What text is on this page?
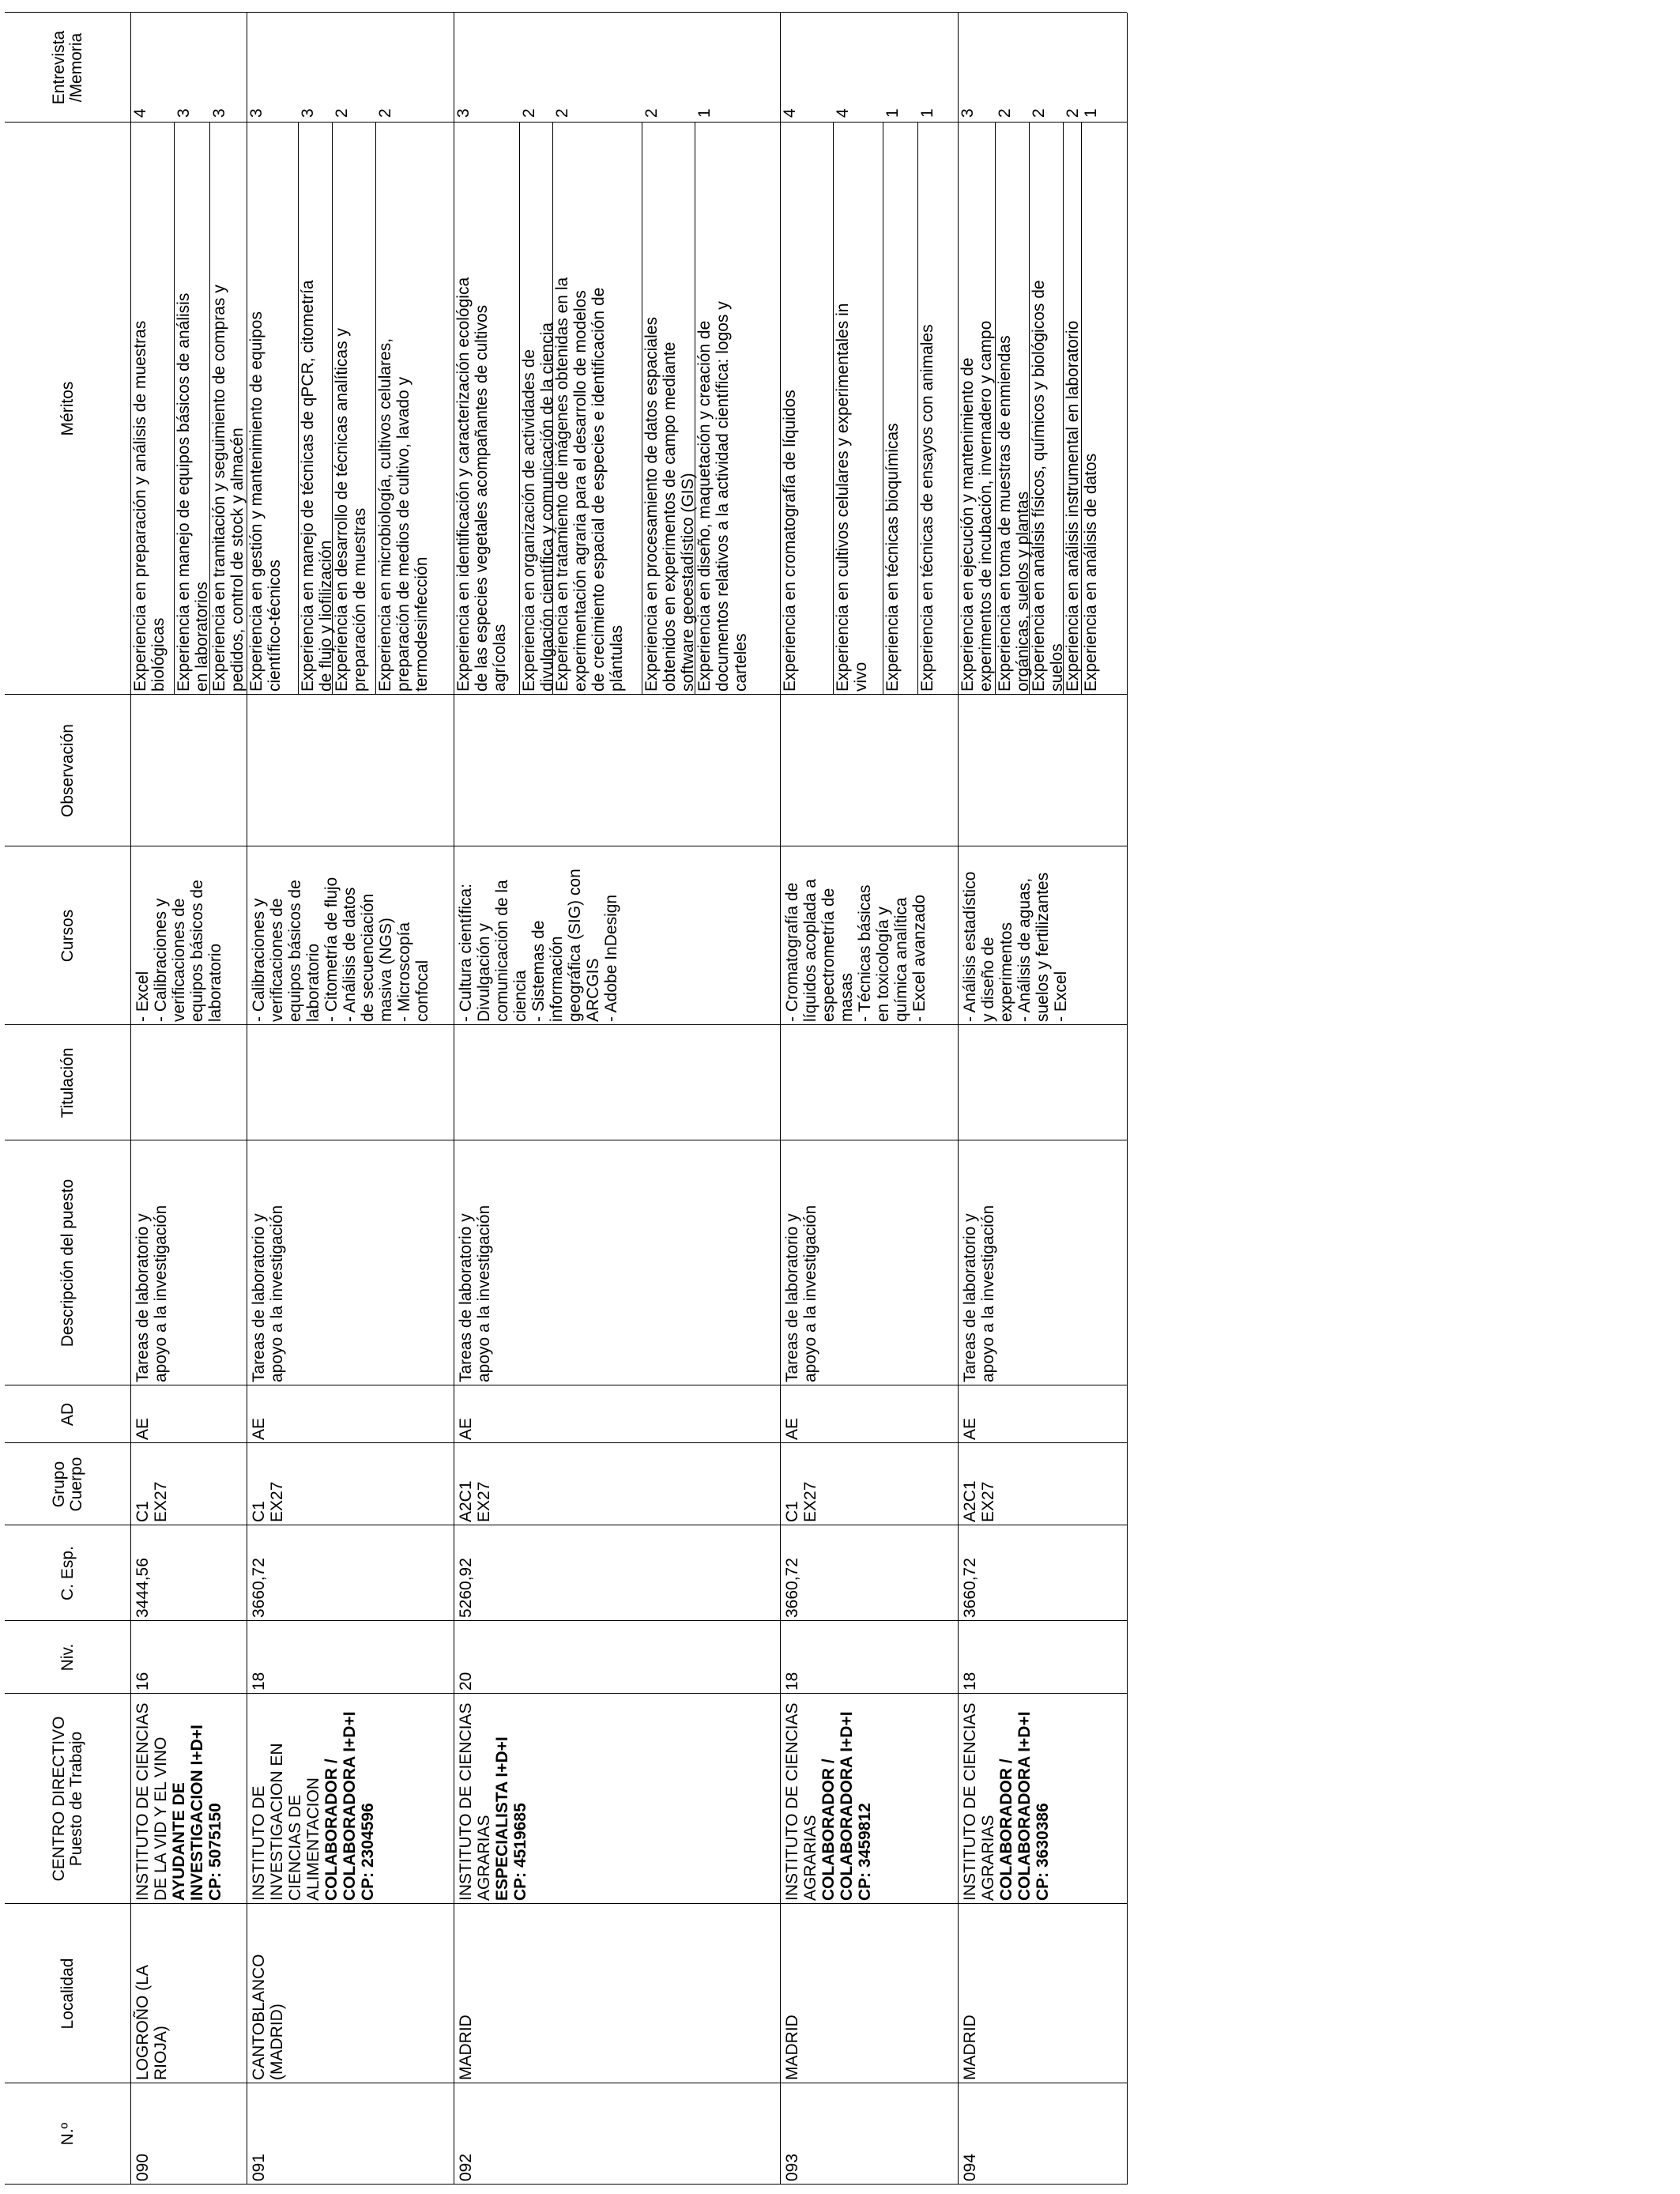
N.º
Localidad
CENTRO DIRECTIVO
Puesto de Trabajo
Niv.
C. Esp.
Grupo
Cuerpo
AD
Descripción del puesto
Titulación
Cursos
Observación
Méritos
Entrevista
/Memoria
090
LOGROÑO (LA
RIOJA)
INSTITUTO DE CIENCIAS
DE LA VID Y EL VINO
AYUDANTE DE
INVESTIGACION I+D+I
CP: 5075150
16
3444,56
C1
EX27
AE
Tareas de laboratorio y
apoyo a la investigación
- Excel
- Calibraciones y
verificaciones de
equipos básicos de
laboratorio
Experiencia en preparación y análisis de muestras
biológicas
4
Experiencia en manejo de equipos básicos de análisis
en laboratorios
3
Experiencia en tramitación y seguimiento de compras y
pedidos, control de stock y almacén
3
091
CANTOBLANCO
(MADRID)
INSTITUTO DE
INVESTIGACION EN
CIENCIAS DE
ALIMENTACION COLABORADOR /
COLABORADORA I+D+I
CP: 2304596
18
3660,72
C1
EX27
AE
Tareas de laboratorio y
apoyo a la investigación
- Calibraciones y
verificaciones de
equipos básicos de
laboratorio
- Citometría de flujo
- Análisis de datos
de secuenciación
masiva (NGS)
- Microscopía
confocal
Experiencia en gestión y mantenimiento de equipos
científico-técnicos
3
Experiencia en manejo de técnicas de qPCR, citometría
de flujo y liofilización
3
Experiencia en desarrollo de técnicas analíticas y
preparación de muestras
2
Experiencia en microbiología, cultivos celulares,
preparación de medios de cultivo, lavado y
termodesinfección
2
092
MADRID
INSTITUTO DE CIENCIAS
AGRARIAS ESPECIALISTA I+D+I
CP: 4519685
20
5260,92
A2C1
EX27
AE
Tareas de laboratorio y
apoyo a la investigación
- Cultura científica:
Divulgación y
comunicación de la
ciencia
- Sistemas de
información
geográfica (SIG) con
ARCGIS
- Adobe InDesign
Experiencia en identificación y caracterización ecológica
de las especies vegetales acompañantes de cultivos
agrícolas
3
Experiencia en organización de actividades de
divulgación científica y comunicación de la ciencia
2
Experiencia en tratamiento de imágenes obtenidas en la
experimentación agraria para el desarrollo de modelos
de crecimiento espacial de especies e identificación de
plántulas
2
Experiencia en procesamiento de datos espaciales
obtenidos en experimentos de campo mediante
software geoestadístico (GIS)
2
Experiencia en diseño, maquetación y creación de
documentos relativos a la actividad científica: logos y
carteles
1
093
MADRID
INSTITUTO DE CIENCIAS
AGRARIAS COLABORADOR /
COLABORADORA I+D+I
CP: 3459812
18
3660,72
C1
EX27
AE
Tareas de laboratorio y
apoyo a la investigación
- Cromatografía de
líquidos acoplada a
espectrometría de
masas
- Técnicas básicas
en toxicología y
química analítica
- Excel avanzado
Experiencia en cromatografía de líquidos
4
Experiencia en cultivos celulares y experimentales in
vivo
4
Experiencia en técnicas bioquímicas
1
Experiencia en técnicas de ensayos con animales
1
094
MADRID
INSTITUTO DE CIENCIAS
AGRARIAS COLABORADOR /
COLABORADORA I+D+I
CP: 3630386
18
3660,72
A2C1
EX27
AE
Tareas de laboratorio y
apoyo a la investigación
- Análisis estadístico
y diseño de
experimentos
- Análisis de aguas,
suelos y fertilizantes
- Excel
Experiencia en ejecución y mantenimiento de
experimentos de incubación, invernadero y campo
3
Experiencia en toma de muestras de enmiendas
orgánicas, suelos y plantas
2
Experiencia en análisis físicos, químicos y biológicos de
suelos
2
Experiencia en análisis instrumental en laboratorio
2
Experiencia en análisis de datos
1
